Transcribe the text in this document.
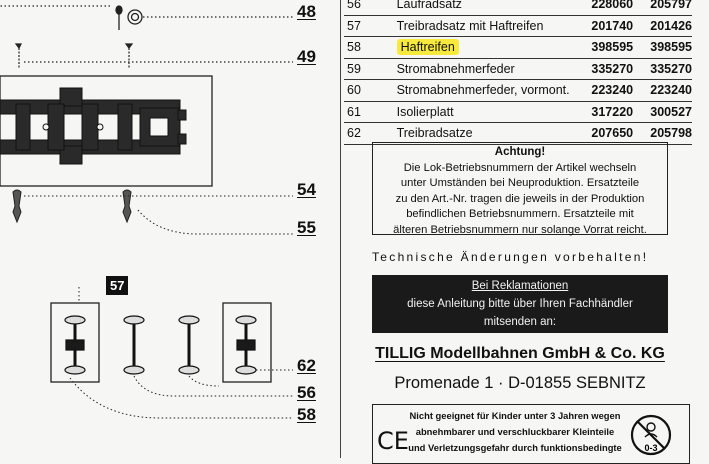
48
49
54
55
57
62
56
58
56	Laufradsatz	228060	205797
57	Treibradsatz mit Haftreifen	201740	201426
58	Haftreifen	398595	398595
59	Stromabnehmerfeder	335270	335270
60	Stromabnehmerfeder, vormont.	223240	223240
61	Isolierplatt	317220	300527
62	Treibradsatze	207650	205798
Achtung!
Die Lok-Betriebsnummern der Artikel wechseln
unter Umständen bei Neuproduktion. Ersatzteile
zu den Art.-Nr. tragen die jeweils in der Produktion
befindlichen Betriebsnummern. Ersatzteile mit
älteren Betriebsnummern nur solange Vorrat reicht.
Technische Änderungen vorbehalten!
Bei Reklamationen
diese Anleitung bitte über Ihren Fachhändler
mitsenden an:
TILLIG Modellbahnen GmbH & Co. KG
Promenade 1 · D-01855 SEBNITZ
CE
Nicht geeignet für Kinder unter 3 Jahren wegen
abnehmbarer und verschluckbarer Kleinteile
und Verletzungsgefahr durch funktionsbedingte	0-3
